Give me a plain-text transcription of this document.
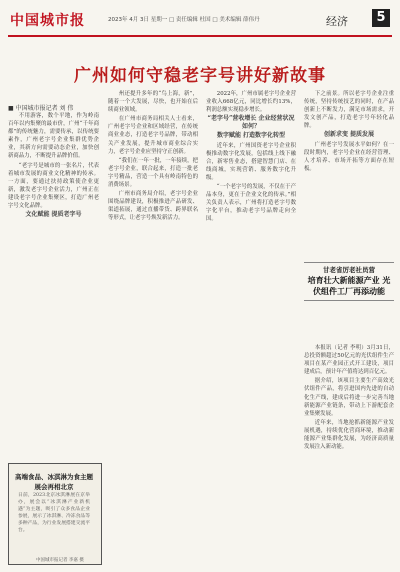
中国城市报	2023年 4月 3日 星期一 □ 责任编辑 杜国 □ 美术编辑 薛伟丹	经济	5
广州如何守稳老字号讲好新故事
■ 中国城市报记者 刘 伟

不用游客，数个平地，作为岭南百年以内集聚的最市价，广州“千年商都”的传统魅力，需要传承，以传统要素作，广州老字号企业集群优势企业，其新方向需要动态企业，加快创新商品力，不断提升品牌价值。

“老字号是城市的一张名片，代表着城市发展的商业文化精神的传承。一方面，要通过扶持政策使企业更新，激发老字号企业活力，广州正在建设老字号企业集聚区，打造广州老字号文化品牌。

文化赋能 提质老字号

州还提升多年的“鸟上海，新”，随着一个大发展，尽快，也开始在后续商业领域。

在广州市商务局相关人士看来，广州老字号企业和区域经营，在传统商业业态，打造老字号品牌，带动相关产业发展，提升城市商业综合实力，老字号企业应坚持守正创新。

“我们在一年一批，一年接续，把老字号企业，联合起来，打造一批老字号精品，营造一个具有岭南特色的消费场景。

广州市商务局介绍，老字号企业围绕品牌建设，积极推进产品研发、渠道拓展，通过直播带货、跨界联名等形式，让老字号焕发新活力。

2022年，广州市属老字号企业营业收入668亿元，同比增长约13%，利润总额实现稳步增长。

“老字号”营收增长 企业经营状况如何？

数字赋能 打造数字化转型

近年来，广州国资老字号企业积极推动数字化发展，包括线上线下融合，新零售业态，搭建智慧门店、在线商城，实现营销、服务数字化升级。

“一个老字号的发展，不仅在于产品本身，更在于企业文化的传承。”相关负责人表示，广州将打造老字号数字化平台，推动老字号品牌走向全国。

下之前景。所以老字号企业注重传统，坚持传统技艺的同时，在产品创新上不断发力，满足市场需求，开发文创产品，打造老字号年轻化品牌。

创新求变 提质发展

广州老字号发展水平如何？在一段时期内，老字号企业在经营管理、人才培养、市场开拓等方面存在短板。

甘老省厉老社员营
培育壮大新能源产业 光伏组件工厂再添动能

本报讯（记者 李明）3月31日，总投资额超过50亿元的光伏组件生产项目在某产业园正式开工建设，项目建成后，预计年产值将达到百亿元。

据介绍，该项目主要生产高效光伏组件产品，将引进国内先进的自动化生产线，建成后将进一步完善当地新能源产业链条，带动上下游配套企业集聚发展。

近年来，当地抢抓新能源产业发展机遇，持续优化营商环境，推动新能源产业集群化发展，为经济高质量发展注入新动能。

高端食品、冰淇淋为食主题展会再相北京
日前，2023北京冰淇淋展在京举办，展会以“冰淇淋产业新机遇”为主题，吸引了众多食品企业参展，展示了冰淇淋、冷冻食品等多种产品，为行业发展搭建交流平台。
中国城市报记者 李嘉 摄
